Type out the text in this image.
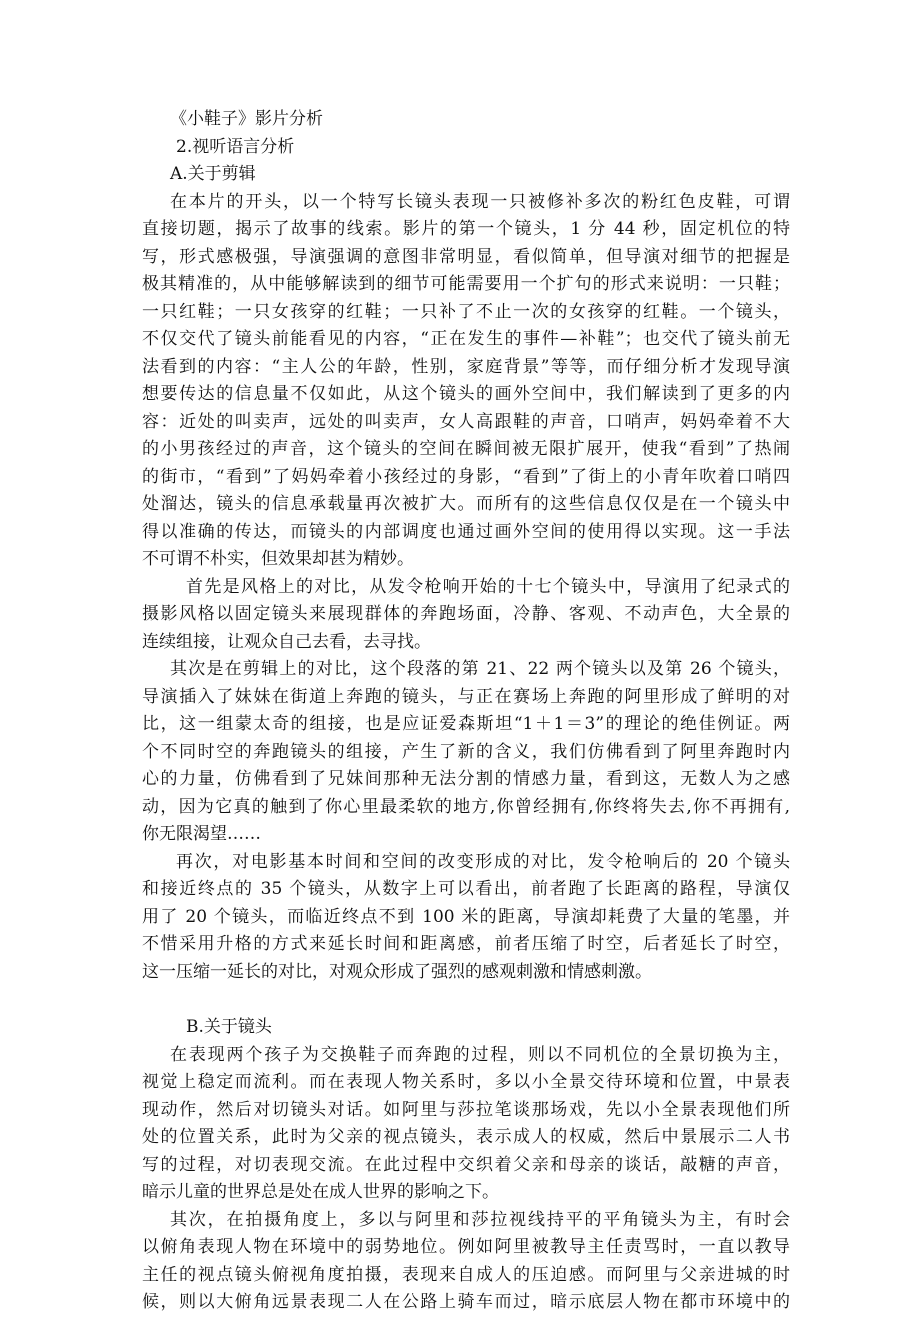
《小鞋子》影片分析

2.视听语言分析

A.关于剪辑

在本片的开头，以一个特写长镜头表现一只被修补多次的粉红色皮鞋，可谓

直接切题，揭示了故事的线索。影片的第一个镜头，1 分 44 秒，固定机位的特

写，形式感极强，导演强调的意图非常明显，看似简单，但导演对细节的把握是

极其精准的，从中能够解读到的细节可能需要用一个扩句的形式来说明：一只鞋；

一只红鞋；一只女孩穿的红鞋；一只补了不止一次的女孩穿的红鞋。一个镜头，

不仅交代了镜头前能看见的内容，“正在发生的事件—补鞋”；也交代了镜头前无

法看到的内容：“主人公的年龄，性别，家庭背景”等等，而仔细分析才发现导演

想要传达的信息量不仅如此，从这个镜头的画外空间中，我们解读到了更多的内

容：近处的叫卖声，远处的叫卖声，女人高跟鞋的声音，口哨声，妈妈牵着不大

的小男孩经过的声音，这个镜头的空间在瞬间被无限扩展开，使我“看到”了热闹

的街市，“看到”了妈妈牵着小孩经过的身影，“看到”了街上的小青年吹着口哨四

处溜达，镜头的信息承载量再次被扩大。而所有的这些信息仅仅是在一个镜头中

得以准确的传达，而镜头的内部调度也通过画外空间的使用得以实现。这一手法

不可谓不朴实，但效果却甚为精妙。

首先是风格上的对比，从发令枪响开始的十七个镜头中，导演用了纪录式的

摄影风格以固定镜头来展现群体的奔跑场面，冷静、客观、不动声色，大全景的

连续组接，让观众自己去看，去寻找。

其次是在剪辑上的对比，这个段落的第 21、22 两个镜头以及第 26 个镜头，

导演插入了妹妹在街道上奔跑的镜头，与正在赛场上奔跑的阿里形成了鲜明的对

比，这一组蒙太奇的组接，也是应证爱森斯坦“1＋1＝3”的理论的绝佳例证。两

个不同时空的奔跑镜头的组接，产生了新的含义，我们仿佛看到了阿里奔跑时内

心的力量，仿佛看到了兄妹间那种无法分割的情感力量，看到这，无数人为之感

动，因为它真的触到了你心里最柔软的地方,你曾经拥有,你终将失去,你不再拥有,

你无限渴望……

再次，对电影基本时间和空间的改变形成的对比，发令枪响后的 20 个镜头

和接近终点的 35 个镜头，从数字上可以看出，前者跑了长距离的路程，导演仅

用了 20 个镜头，而临近终点不到 100 米的距离，导演却耗费了大量的笔墨，并

不惜采用升格的方式来延长时间和距离感，前者压缩了时空，后者延长了时空，

这一压缩一延长的对比，对观众形成了强烈的感观刺激和情感刺激。

B.关于镜头

在表现两个孩子为交换鞋子而奔跑的过程，则以不同机位的全景切换为主，

视觉上稳定而流利。而在表现人物关系时，多以小全景交待环境和位置，中景表

现动作，然后对切镜头对话。如阿里与莎拉笔谈那场戏，先以小全景表现他们所

处的位置关系，此时为父亲的视点镜头，表示成人的权威，然后中景展示二人书

写的过程，对切表现交流。在此过程中交织着父亲和母亲的谈话，敲糖的声音，

暗示儿童的世界总是处在成人世界的影响之下。

其次，在拍摄角度上，多以与阿里和莎拉视线持平的平角镜头为主，有时会

以俯角表现人物在环境中的弱势地位。例如阿里被教导主任责骂时，一直以教导

主任的视点镜头俯视角度拍摄，表现来自成人的压迫感。而阿里与父亲进城的时

候，则以大俯角远景表现二人在公路上骑车而过，暗示底层人物在都市环境中的
